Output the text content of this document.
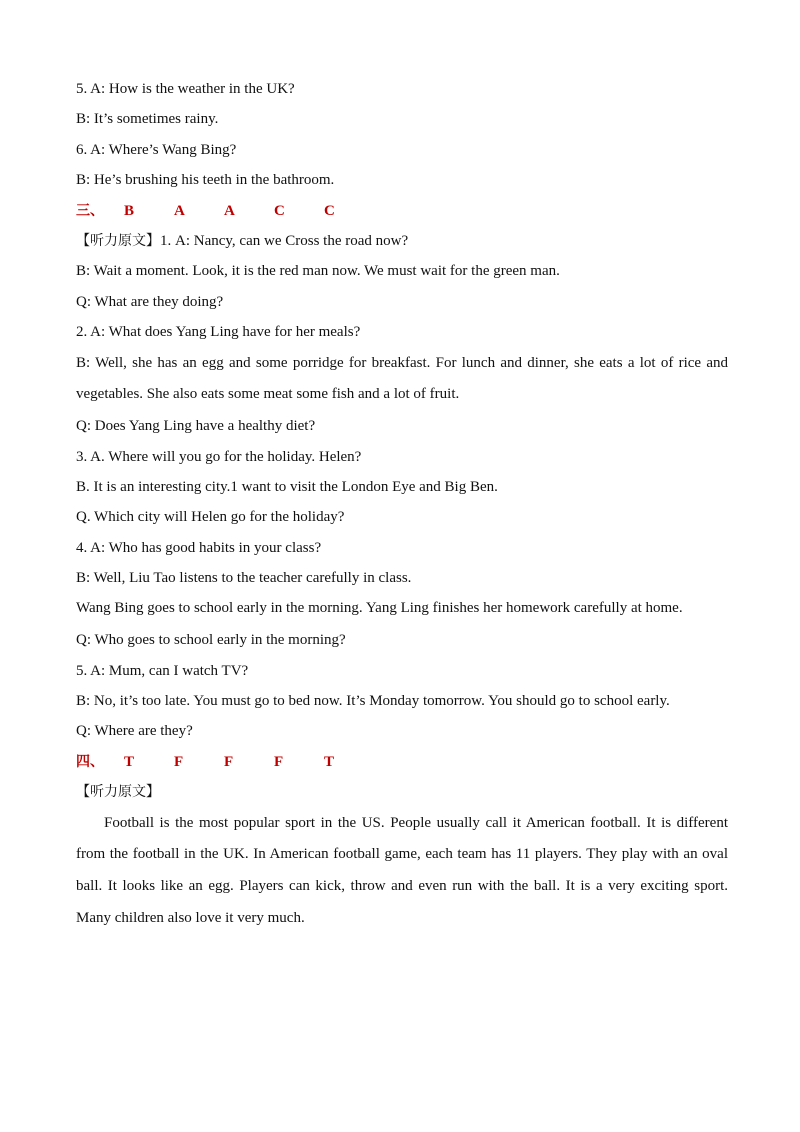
5. A: How is the weather in the UK?
B: It’s sometimes rainy.
6. A: Where’s Wang Bing?
B: He’s brushing his teeth in the bathroom.
三、 B	A	A	C	C
【听力原文】1. A: Nancy, can we Cross the road now?
B: Wait a moment. Look, it is the red man now. We must wait for the green man.
Q: What are they doing?
2. A: What does Yang Ling have for her meals?

B: Well, she has an egg and some porridge for breakfast. For lunch and dinner, she eats a lot of rice and vegetables. She also eats some meat some fish and a lot of fruit.

Q: Does Yang Ling have a healthy diet?
3. A. Where will you go for the holiday. Helen?
B. It is an interesting city.1 want to visit the London Eye and Big Ben.
Q. Which city will Helen go for the holiday?
4. A: Who has good habits in your class?
B: Well, Liu Tao listens to the teacher carefully in class.

Wang Bing goes to school early in the morning. Yang Ling finishes her homework carefully at home.

Q: Who goes to school early in the morning?
5. A: Mum, can I watch TV?
B: No, it’s too late. You must go to bed now. It’s Monday tomorrow. You should go to school early.
Q: Where are they?
四、 T	F	F	F	T
【听力原文】

Football is the most popular sport in the US. People usually call it American football. It is different from the football in the UK. In American football game, each team has 11 players. They play with an oval ball. It looks like an egg. Players can kick, throw and even run with the ball. It is a very exciting sport. Many children also love it very much.
